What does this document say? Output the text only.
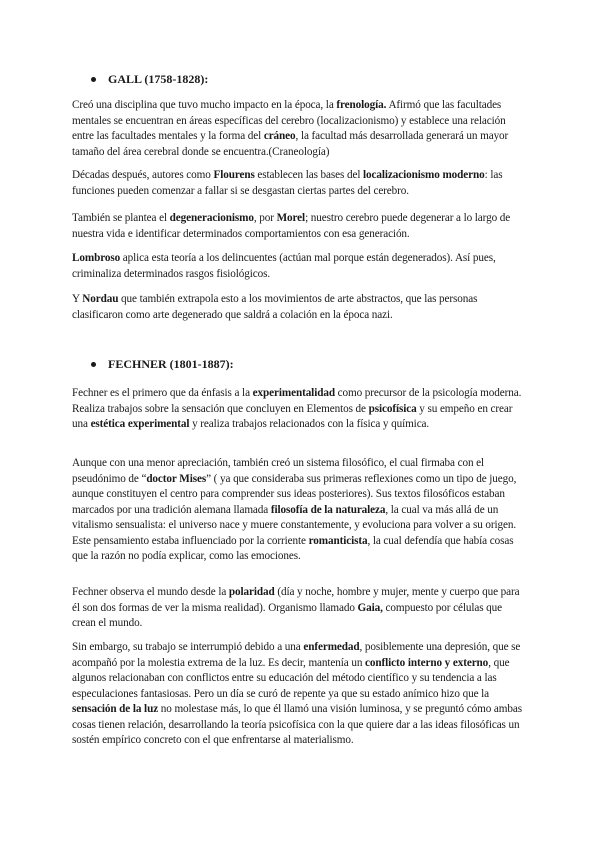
GALL (1758-1828):

Creó una disciplina que tuvo mucho impacto en la época, la frenología. Afirmó que las facultades mentales se encuentran en áreas específicas del cerebro (localizacionismo) y establece una relación entre las facultades mentales y la forma del cráneo, la facultad más desarrollada generará un mayor tamaño del área cerebral donde se encuentra.(Craneología)

Décadas después, autores como Flourens establecen las bases del localizacionismo moderno: las funciones pueden comenzar a fallar si se desgastan ciertas partes del cerebro.

También se plantea el degeneracionismo, por Morel; nuestro cerebro puede degenerar a lo largo de nuestra vida e identificar determinados comportamientos con esa generación.

Lombroso aplica esta teoría a los delincuentes (actúan mal porque están degenerados). Así pues, criminaliza determinados rasgos fisiológicos.

Y Nordau que también extrapola esto a los movimientos de arte abstractos, que las personas clasificaron como arte degenerado que saldrá a colación en la época nazi.

FECHNER (1801-1887):

Fechner es el primero que da énfasis a la experimentalidad como precursor de la psicología moderna. Realiza trabajos sobre la sensación que concluyen en Elementos de psicofísica y su empeño en crear una estética experimental y realiza trabajos relacionados con la física y química.

Aunque con una menor apreciación, también creó un sistema filosófico, el cual firmaba con el pseudónimo de “doctor Mises” ( ya que consideraba sus primeras reflexiones como un tipo de juego, aunque constituyen el centro para comprender sus ideas posteriores). Sus textos filosóficos estaban marcados por una tradición alemana llamada filosofía de la naturaleza, la cual va más allá de un vitalismo sensualista: el universo nace y muere constantemente, y evoluciona para volver a su origen. Este pensamiento estaba influenciado por la corriente romanticista, la cual defendía que había cosas que la razón no podía explicar, como las emociones.

Fechner observa el mundo desde la polaridad (día y noche, hombre y mujer, mente y cuerpo que para él son dos formas de ver la misma realidad). Organismo llamado Gaia, compuesto por células que crean el mundo.

Sin embargo, su trabajo se interrumpió debido a una enfermedad, posiblemente una depresión, que se acompañó por la molestia extrema de la luz. Es decir, mantenía un conflicto interno y externo, que algunos relacionaban con conflictos entre su educación del método científico y su tendencia a las especulaciones fantasiosas. Pero un día se curó de repente ya que su estado anímico hizo que la sensación de la luz no molestase más, lo que él llamó una visión luminosa, y se preguntó cómo ambas cosas tienen relación, desarrollando la teoría psicofísica con la que quiere dar a las ideas filosóficas un sostén empírico concreto con el que enfrentarse al materialismo.
